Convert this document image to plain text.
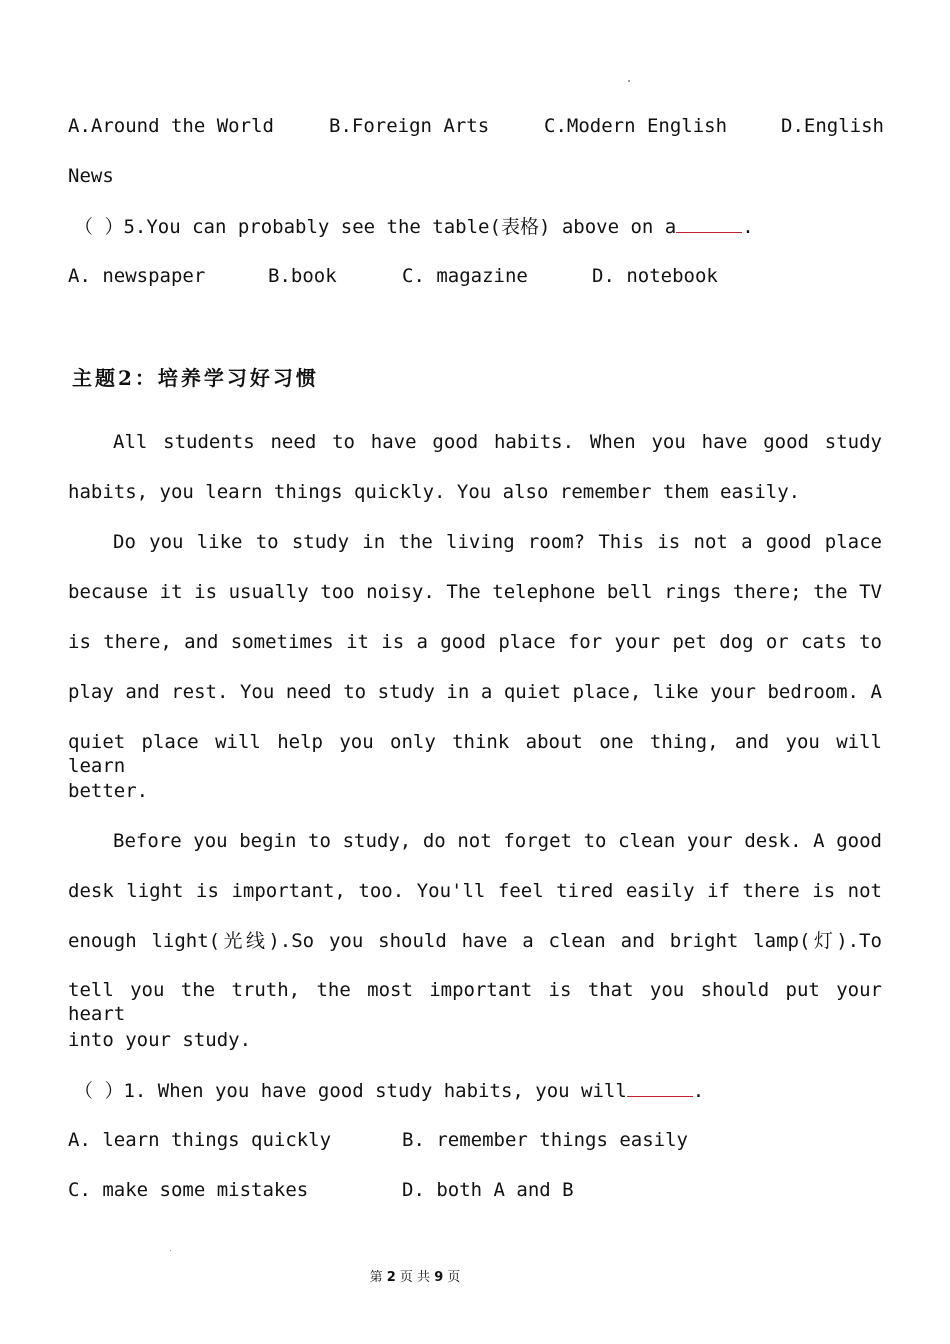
A.Around the World	B.Foreign Arts	C.Modern English	D.English
News
（ ）5.You can probably see the table(表格) above on a	.
A. newspaper	B.book	C. magazine	D. notebook
主题2：培养学习好习惯
All students need to have good habits. When you have good study
habits, you learn things quickly. You also remember them easily.
Do you like to study in the living room? This is not a good place
because it is usually too noisy. The telephone bell rings there; the TV
is there, and sometimes it is a good place for your pet dog or cats to
play and rest. You need to study in a quiet place, like your bedroom. A
quiet place will help you only think about one thing, and you will learn
better.
Before you begin to study, do not forget to clean your desk. A good
desk light is important, too. You'll feel tired easily if there is not
enough light(光线).So you should have a clean and bright lamp(灯).To
tell you the truth, the most important is that you should put your heart
into your study.
（ ）1. When you have good study habits, you will	.
A. learn things quickly	B. remember things easily
C. make some mistakes	D. both A and B
第 2 页 共 9 页
